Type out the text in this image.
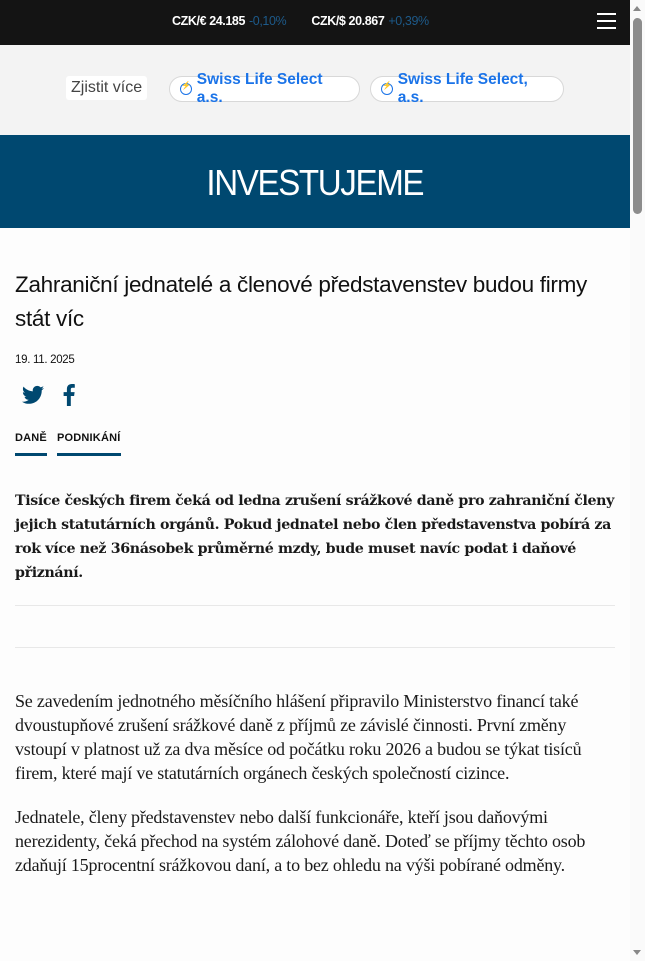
CZK/€ 24.185 -0,10% CZK/$ 20.867 +0,39%
Zjistit více
⚡	Swiss Life Select a.s.
⚡
Swiss Life Select, a.s.
INVESTUJEME
Zahraniční jednatelé a členové představenstev budou firmy stát víc
19. 11. 2025
DANĚ PODNIKÁNÍ
Tisíce českých firem čeká od ledna zrušení srážkové daně pro zahraniční členy jejich statutárních orgánů. Pokud jednatel nebo člen představenstva pobírá za rok více než 36násobek průměrné mzdy, bude muset navíc podat i daňové přiznání.

Se zavedením jednotného měsíčního hlášení připravilo Ministerstvo financí také dvoustupňové zrušení srážkové daně z příjmů ze závislé činnosti. První změny vstoupí v platnost už za dva měsíce od počátku roku 2026 a budou se týkat tisíců firem, které mají ve statutárních orgánech českých společností cizince.

Jednatele, členy představenstev nebo další funkcionáře, kteří jsou daňovými nerezidenty, čeká přechod na systém zálohové daně. Doteď se příjmy těchto osob zdaňují 15procentní srážkovou daní, a to bez ohledu na výši pobírané odměny.
